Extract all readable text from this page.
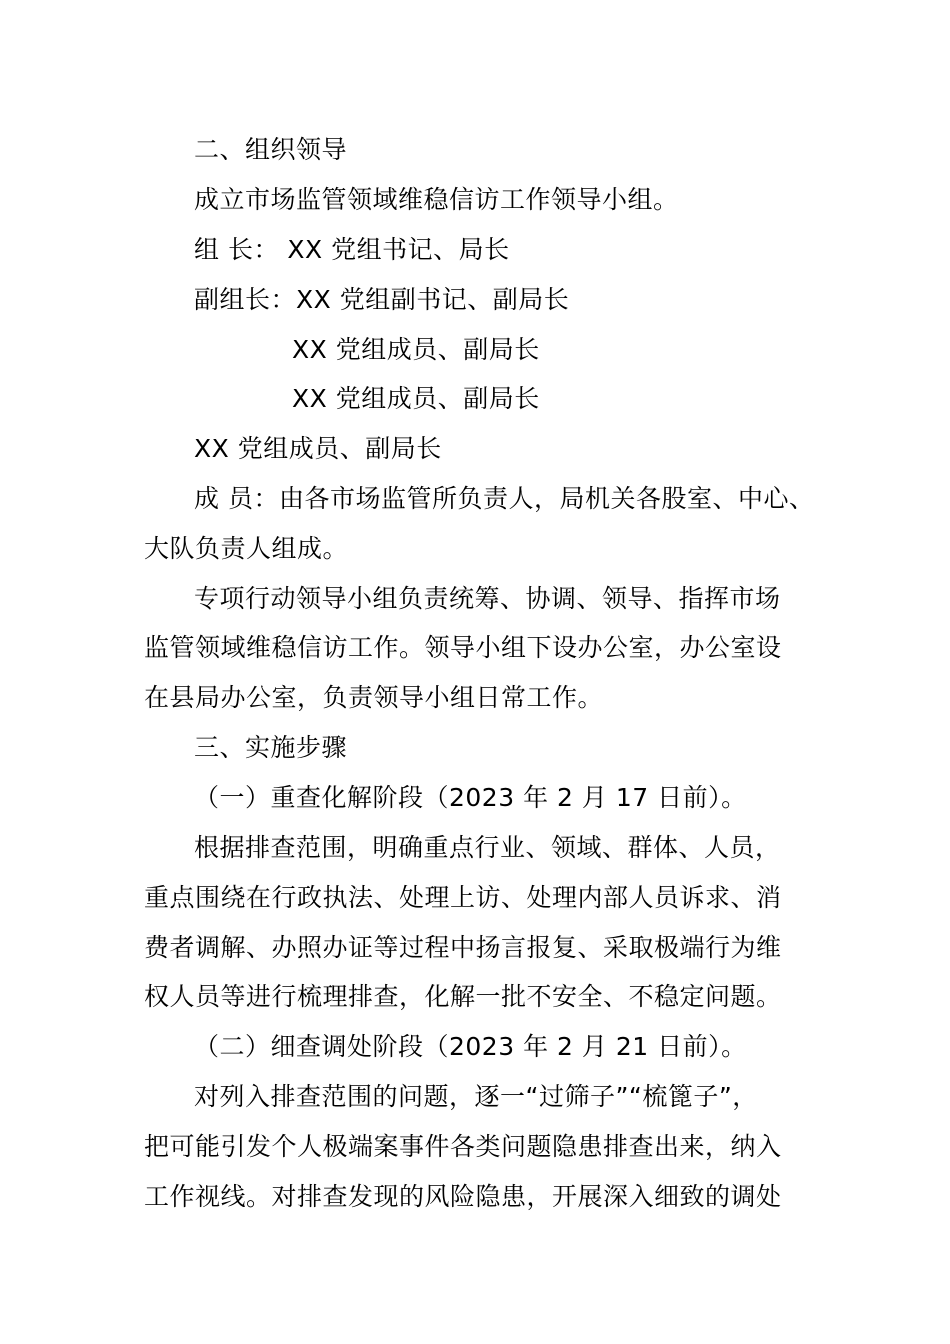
二、组织领导
成立市场监管领域维稳信访工作领导小组。
组 长： XX 党组书记、局长
副组长：XX 党组副书记、副局长
XX 党组成员、副局长
XX 党组成员、副局长
XX 党组成员、副局长
成 员：由各市场监管所负责人，局机关各股室、中心、
大队负责人组成。
专项行动领导小组负责统筹、协调、领导、指挥市场
监管领域维稳信访工作。领导小组下设办公室，办公室设
在县局办公室，负责领导小组日常工作。
三、实施步骤
（一）重查化解阶段（2023 年 2 月 17 日前）。
根据排查范围，明确重点行业、领域、群体、人员，
重点围绕在行政执法、处理上访、处理内部人员诉求、消
费者调解、办照办证等过程中扬言报复、采取极端行为维
权人员等进行梳理排查，化解一批不安全、不稳定问题。
（二）细查调处阶段（2023 年 2 月 21 日前）。
对列入排查范围的问题，逐一“过筛子”“梳篦子”，
把可能引发个人极端案事件各类问题隐患排查出来，纳入
工作视线。对排查发现的风险隐患，开展深入细致的调处
